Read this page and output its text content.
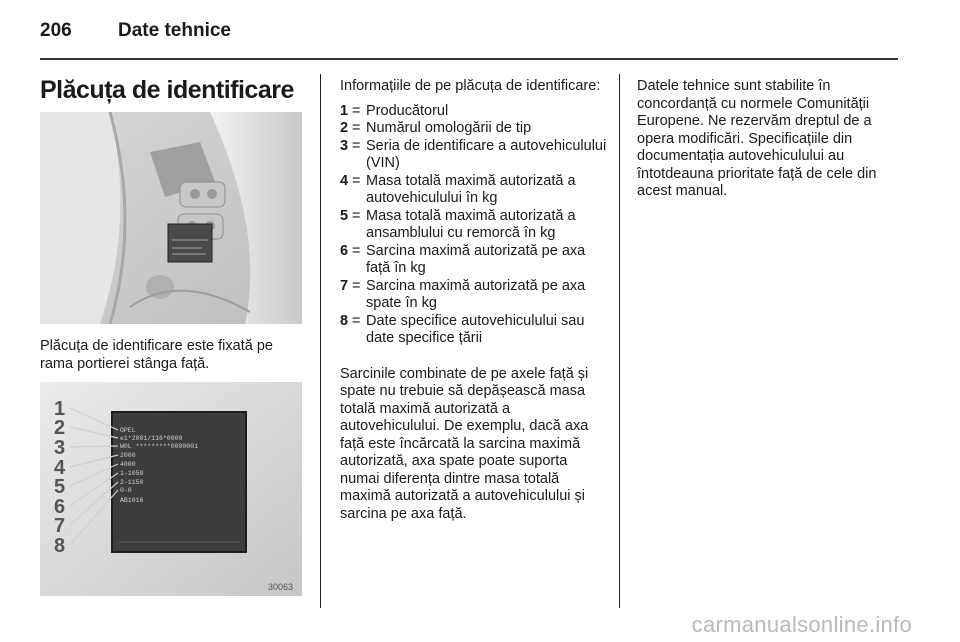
206 Date tehnice
Plăcuța de identificare
Plăcuța de identificare este fixată pe rama portierei stânga față.
1
2
3
4
5
6
7
8
OPEL
e1*2001/116*0000
W0L *********0000001
2000
4000
1-1050
2-1150
0-0
AB1016
30063

Informațiile de pe plăcuța de identificare:

1 = Producătorul
2 = Numărul omologării de tip
3 = Seria de identificare a autovehiculului (VIN)
4 = Masa totală maximă autorizată a autovehiculului în kg
5 = Masa totală maximă autorizată a ansamblului cu remorcă în kg
6 = Sarcina maximă autorizată pe axa față în kg
7 = Sarcina maximă autorizată pe axa spate în kg
8 = Date specifice autovehiculului sau date specifice țării

Sarcinile combinate de pe axele față și spate nu trebuie să depășească masa totală maximă autorizată a autovehiculului. De exemplu, dacă axa față este încărcată la sarcina maximă autorizată, axa spate poate suporta numai diferența dintre masa totală maximă autorizată a autovehiculului și sarcina pe axa față.

Datele tehnice sunt stabilite în concordanță cu normele Comunității Europene. Ne rezervăm dreptul de a opera modificări. Specificațiile din documentația autovehiculului au întotdeauna prioritate față de cele din acest manual.

carmanualsonline.info
